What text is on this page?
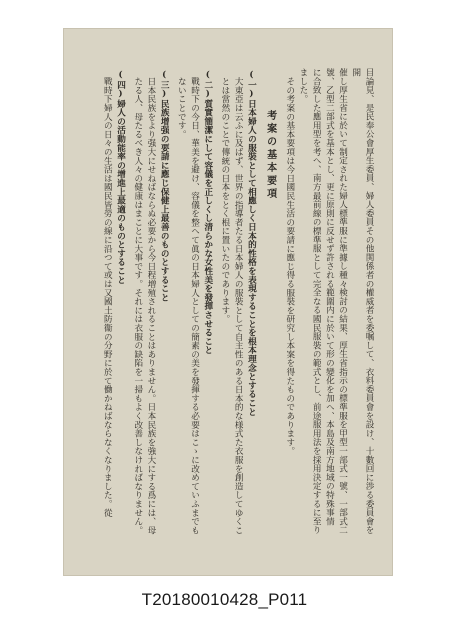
目論見、是民奉公會厚生委員、婦人委員その他関係者の權威者を委嘱して、衣料委員會を設け、十數回に渉る委員會を開

催し厚生省に於いて制定された婦人標準服に準據し種々検討の結果、厚生省指示の標準服を甲型一部式一號、一部式二

號、乙型二部式を基本とし、更に原則に反せず許される範圍内に於いて形の變化を加へ、本島及南方地域の特殊事情

に合致した應用型を考へ、南方最前線の標準服として完全なる國民服裝の範式とし、前途服用法を採用決定するに至りました。

その考案の基本要項は今日國民生活の要請に應じ得る服裝を研究し本案を得たものであります。

考案の基本要項

(一)日本婦人の服裝として相應しく日本的性格を表現することを根本理念とすること

大東亞は云ふに及ばず、世界の指導者たる日本婦人の服裝として自主性のある日本的な様式た衣服を創造してゆくことは當然のことで傳統の日本をとく根に置いたのであります。

(二)質實簡潔にして容儀を正しくし清らかな女性美を發揮させること

戰時下の今日、華美を避け、容儀を整へて眞の日本婦人としての簡素の美を發揮する必要はこゝに改めていふまでもないことです。

(三)民族增强の要請に應じ保健上最善のものとすること

日本民族をより强大にせねばならぬ必要から今日程増殖されることはありません。日本民族を強大にする爲には、母たる人、母たるべき人々の健康はまことに大事です。それには衣服の缺陷を一掃もよく改善しなければなりません。

(四)婦人の活動能率の增進上最適のものとすること

戰時下婦人の日々の生活は國民皆勞の線に沿つて或は又國土防衞の分野に於て働かねばならなくなりました。從

T20180010428_P011
